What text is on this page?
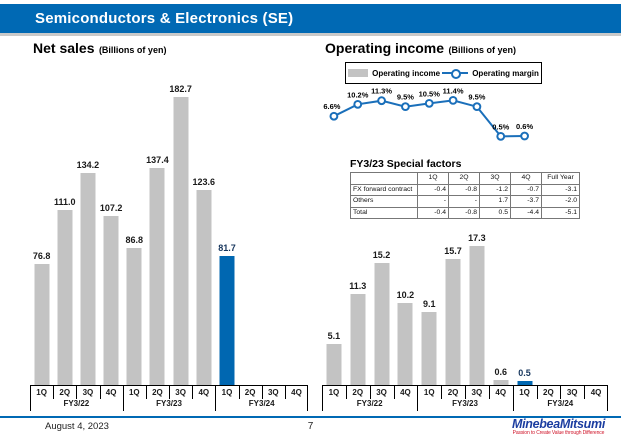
Semiconductors & Electronics (SE)
Net sales (Billions of yen)
76.8
111.0
134.2
107.2
86.8
137.4
182.7
123.6
81.7
1Q	2Q	3Q	4Q	1Q	2Q	3Q	4Q	1Q	2Q	3Q	4Q
FY3/22	FY3/23	FY3/24
Operating income (Billions of yen)
Operating income	Operating margin
6.6%
10.2% 11.3%
9.5% 10.5% 11.4%
9.5%
0.5% 0.6%
FY3/23 Special factors
	1Q	2Q	3Q	4Q	Full Year
FX forward contract	-0.4	-0.8	-1.2	-0.7	-3.1
Others	-	-	1.7	-3.7	-2.0
Total	-0.4	-0.8	0.5	-4.4	-5.1
5.1
11.3
15.2
10.2
9.1
15.7
17.3
0.6 0.5
1Q	2Q	3Q	4Q	1Q	2Q	3Q	4Q	1Q	2Q	3Q	4Q
FY3/22	FY3/23	FY3/24
August 4, 2023	7	MinebeaMitsumi
Passion to Create Value through Difference
